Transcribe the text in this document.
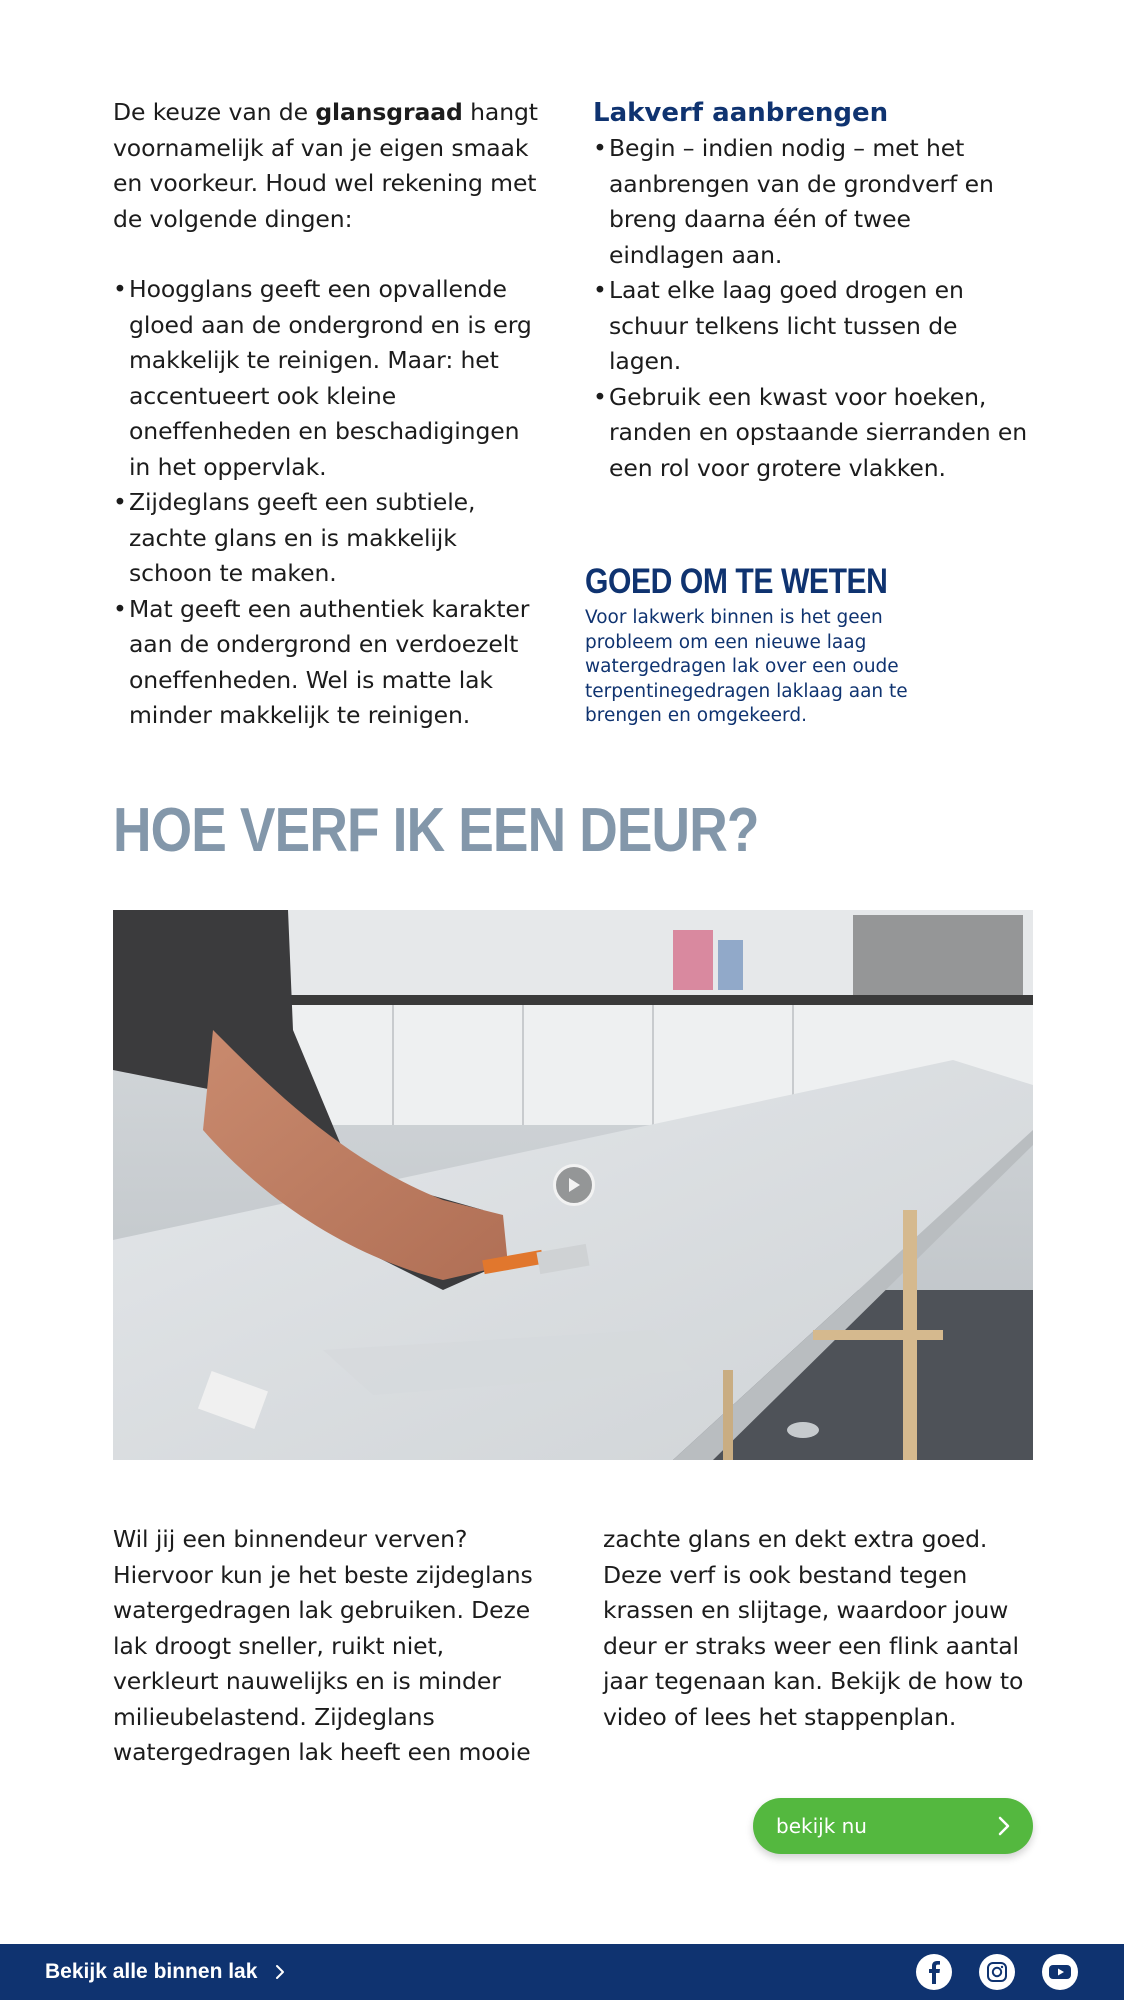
De keuze van de glansgraad hangt voornamelijk af van je eigen smaak en voorkeur. Houd wel rekening met de volgende dingen:

• Hoogglans geeft een opvallende gloed aan de ondergrond en is erg makkelijk te reinigen. Maar: het accentueert ook kleine oneffenheden en beschadigingen in het oppervlak.
• Zijdeglans geeft een subtiele, zachte glans en is makkelijk schoon te maken.
• Mat geeft een authentiek karakter aan de ondergrond en verdoezelt oneffenheden. Wel is matte lak minder makkelijk te reinigen.
Lakverf aanbrengen
• Begin – indien nodig – met het aanbrengen van de grondverf en breng daarna één of twee eindlagen aan.
• Laat elke laag goed drogen en schuur telkens licht tussen de lagen.
• Gebruik een kwast voor hoeken, randen en opstaande sierranden en een rol voor grotere vlakken.
GOED OM TE WETEN

Voor lakwerk binnen is het geen probleem om een nieuwe laag watergedragen lak over een oude terpentinegedragen laklaag aan te brengen en omgekeerd.

HOE VERF IK EEN DEUR?

Wil jij een binnendeur verven? Hiervoor kun je het beste zijdeglans watergedragen lak gebruiken. Deze lak droogt sneller, ruikt niet, verkleurt nauwelijks en is minder milieubelastend. Zijdeglans watergedragen lak heeft een mooie

zachte glans en dekt extra goed. Deze verf is ook bestand tegen krassen en slijtage, waardoor jouw deur er straks weer een flink aantal jaar tegenaan kan. Bekijk de how to video of lees het stappenplan.

bekijk nu
Bekijk alle binnen lak
